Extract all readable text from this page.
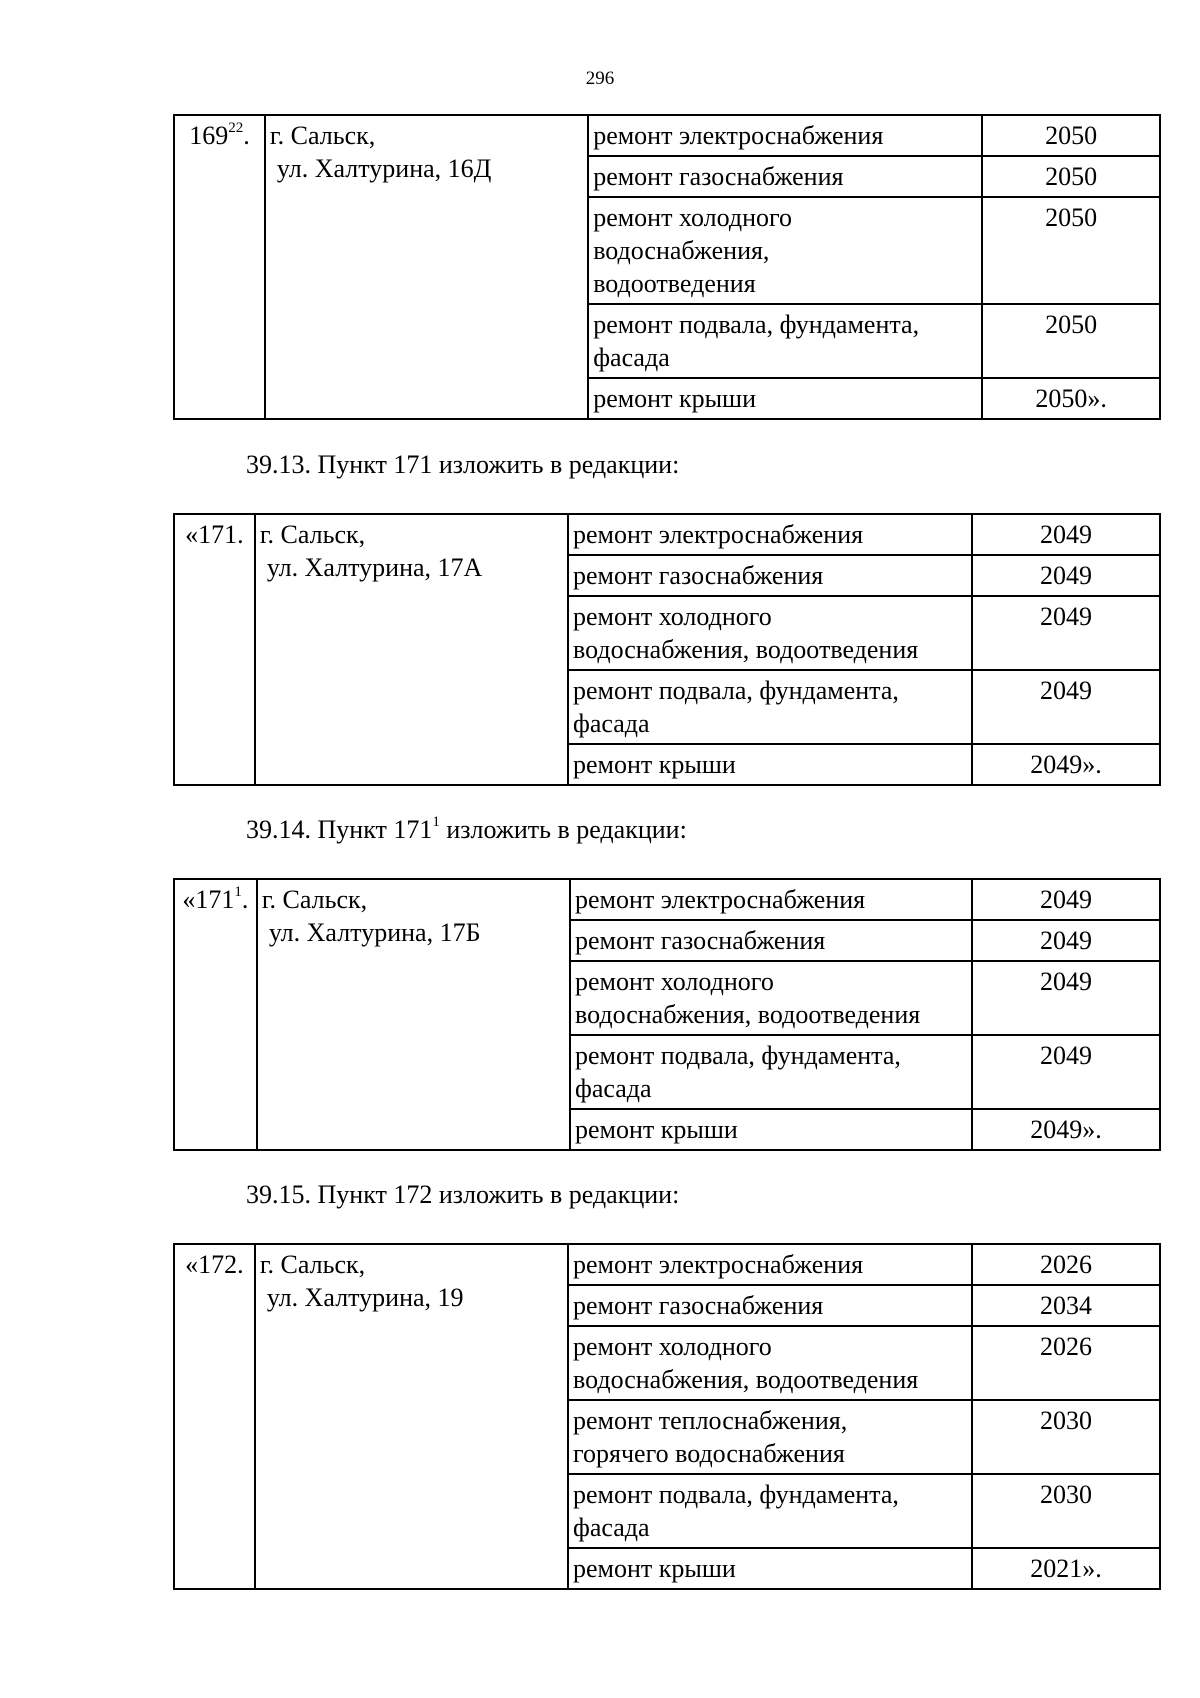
296
$169^{22}$.	г. Сальск,
ул. Халтурина, 16Д	ремонт электроснабжения	2050

		ремонт газоснабжения	2050

		ремонт холодного
водоснабжения,
водоотведения	2050

		ремонт подвала, фундамента,
фасада	2050

		ремонт крыши	2050».
«171.	г. Сальск,
ул. Халтурина, 17А	ремонт электроснабжения	2049

		ремонт газоснабжения	2049

		ремонт холодного
водоснабжения, водоотведения	2049

		ремонт подвала, фундамента,
фасада	2049

		ремонт крыши	2049».
«$171^1$.	г. Сальск,
ул. Халтурина, 17Б	ремонт электроснабжения	2049

		ремонт газоснабжения	2049

		ремонт холодного
водоснабжения, водоотведения	2049

		ремонт подвала, фундамента,
фасада	2049

		ремонт крыши	2049».
«172.	г. Сальск,
ул. Халтурина, 19	ремонт электроснабжения	2026

		ремонт газоснабжения	2034

		ремонт холодного
водоснабжения, водоотведения	2026

		ремонт теплоснабжения,
горячего водоснабжения	2030

		ремонт подвала, фундамента,
фасада	2030

		ремонт крыши	2021».
39.13. Пункт 171 изложить в редакции:
39.14. Пункт $171^1$ изложить в редакции:
39.15. Пункт 172 изложить в редакции:
